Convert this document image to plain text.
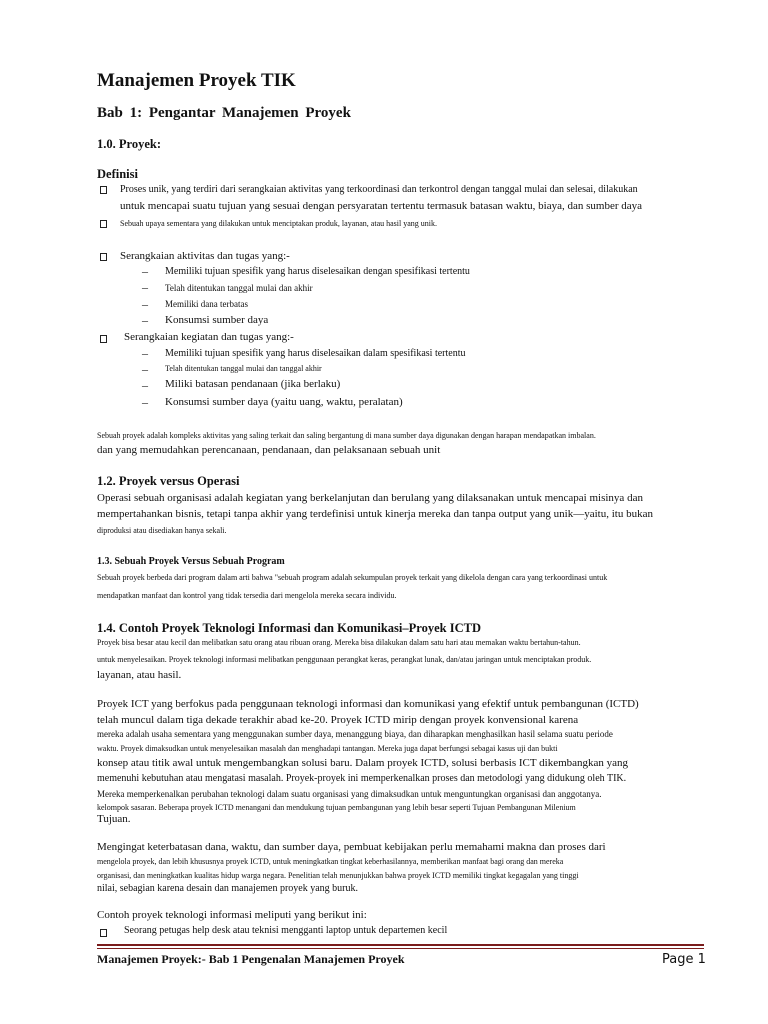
Manajemen Proyek TIK
Bab 1: Pengantar Manajemen Proyek
1.0. Proyek:
Definisi
Proses unik, yang terdiri dari serangkaian aktivitas yang terkoordinasi dan terkontrol dengan tanggal mulai dan selesai, dilakukan
untuk mencapai suatu tujuan yang sesuai dengan persyaratan tertentu termasuk batasan waktu, biaya, dan sumber daya
Sebuah upaya sementara yang dilakukan untuk menciptakan produk, layanan, atau hasil yang unik.
Serangkaian aktivitas dan tugas yang:-
– Memiliki tujuan spesifik yang harus diselesaikan dengan spesifikasi tertentu
– Telah ditentukan tanggal mulai dan akhir
– Memiliki dana terbatas
– Konsumsi sumber daya
Serangkaian kegiatan dan tugas yang:-
– Memiliki tujuan spesifik yang harus diselesaikan dalam spesifikasi tertentu
– Telah ditentukan tanggal mulai dan tanggal akhir
– Miliki batasan pendanaan (jika berlaku)
– Konsumsi sumber daya (yaitu uang, waktu, peralatan)
Sebuah proyek adalah kompleks aktivitas yang saling terkait dan saling bergantung di mana sumber daya digunakan dengan harapan mendapatkan imbalan.
dan yang memudahkan perencanaan, pendanaan, dan pelaksanaan sebuah unit
1.2. Proyek versus Operasi
Operasi sebuah organisasi adalah kegiatan yang berkelanjutan dan berulang yang dilaksanakan untuk mencapai misinya dan
mempertahankan bisnis, tetapi tanpa akhir yang terdefinisi untuk kinerja mereka dan tanpa output yang unik—yaitu, itu bukan
diproduksi atau disediakan hanya sekali.
1.3. Sebuah Proyek Versus Sebuah Program
Sebuah proyek berbeda dari program dalam arti bahwa "sebuah program adalah sekumpulan proyek terkait yang dikelola dengan cara yang terkoordinasi untuk
mendapatkan manfaat dan kontrol yang tidak tersedia dari mengelola mereka secara individu.
1.4. Contoh Proyek Teknologi Informasi dan Komunikasi–Proyek ICTD
Proyek bisa besar atau kecil dan melibatkan satu orang atau ribuan orang. Mereka bisa dilakukan dalam satu hari atau memakan waktu bertahun-tahun.
untuk menyelesaikan. Proyek teknologi informasi melibatkan penggunaan perangkat keras, perangkat lunak, dan/atau jaringan untuk menciptakan produk.
layanan, atau hasil.
Proyek ICT yang berfokus pada penggunaan teknologi informasi dan komunikasi yang efektif untuk pembangunan (ICTD)
telah muncul dalam tiga dekade terakhir abad ke-20. Proyek ICTD mirip dengan proyek konvensional karena
mereka adalah usaha sementara yang menggunakan sumber daya, menanggung biaya, dan diharapkan menghasilkan hasil selama suatu periode
waktu. Proyek dimaksudkan untuk menyelesaikan masalah dan menghadapi tantangan. Mereka juga dapat berfungsi sebagai kasus uji dan bukti
konsep atau titik awal untuk mengembangkan solusi baru. Dalam proyek ICTD, solusi berbasis ICT dikembangkan yang
memenuhi kebutuhan atau mengatasi masalah. Proyek-proyek ini memperkenalkan proses dan metodologi yang didukung oleh TIK.
Mereka memperkenalkan perubahan teknologi dalam suatu organisasi yang dimaksudkan untuk menguntungkan organisasi dan anggotanya.
kelompok sasaran. Beberapa proyek ICTD menangani dan mendukung tujuan pembangunan yang lebih besar seperti Tujuan Pembangunan Milenium
Tujuan.
Mengingat keterbatasan dana, waktu, dan sumber daya, pembuat kebijakan perlu memahami makna dan proses dari
mengelola proyek, dan lebih khususnya proyek ICTD, untuk meningkatkan tingkat keberhasilannya, memberikan manfaat bagi orang dan mereka
organisasi, dan meningkatkan kualitas hidup warga negara. Penelitian telah menunjukkan bahwa proyek ICTD memiliki tingkat kegagalan yang tinggi
nilai, sebagian karena desain dan manajemen proyek yang buruk.
Contoh proyek teknologi informasi meliputi yang berikut ini:
Seorang petugas help desk atau teknisi mengganti laptop untuk departemen kecil
Manajemen Proyek:- Bab 1 Pengenalan Manajemen Proyek	Page 1
